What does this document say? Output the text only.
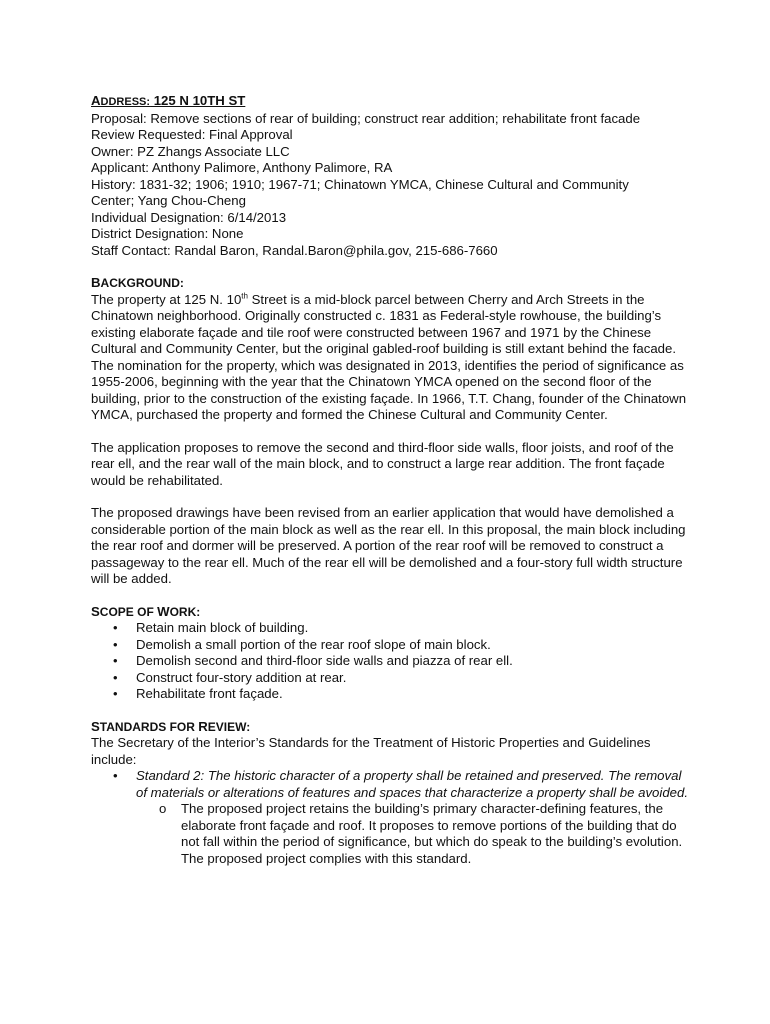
ADDRESS: 125 N 10TH ST

Proposal: Remove sections of rear of building; construct rear addition; rehabilitate front facade

Review Requested: Final Approval

Owner: PZ Zhangs Associate LLC

Applicant: Anthony Palimore, Anthony Palimore, RA

History: 1831-32; 1906; 1910; 1967-71; Chinatown YMCA, Chinese Cultural and Community

Center; Yang Chou-Cheng

Individual Designation: 6/14/2013

District Designation: None

Staff Contact: Randal Baron, Randal.Baron@phila.gov, 215-686-7660

BACKGROUND:

The property at 125 N. 10th Street is a mid-block parcel between Cherry and Arch Streets in the Chinatown neighborhood. Originally constructed c. 1831 as Federal-style rowhouse, the building’s existing elaborate façade and tile roof were constructed between 1967 and 1971 by the Chinese Cultural and Community Center, but the original gabled-roof building is still extant behind the facade. The nomination for the property, which was designated in 2013, identifies the period of significance as 1955-2006, beginning with the year that the Chinatown YMCA opened on the second floor of the building, prior to the construction of the existing façade. In 1966, T.T. Chang, founder of the Chinatown YMCA, purchased the property and formed the Chinese Cultural and Community Center.

The application proposes to remove the second and third-floor side walls, floor joists, and roof of the rear ell, and the rear wall of the main block, and to construct a large rear addition. The front façade would be rehabilitated.

The proposed drawings have been revised from an earlier application that would have demolished a considerable portion of the main block as well as the rear ell. In this proposal, the main block including the rear roof and dormer will be preserved. A portion of the rear roof will be removed to construct a passageway to the rear ell. Much of the rear ell will be demolished and a four-story full width structure will be added.

SCOPE OF WORK:

• Retain main block of building.
• Demolish a small portion of the rear roof slope of main block.
• Demolish second and third-floor side walls and piazza of rear ell.
• Construct four-story addition at rear.
• Rehabilitate front façade.

STANDARDS FOR REVIEW:

The Secretary of the Interior’s Standards for the Treatment of Historic Properties and Guidelines include:

• Standard 2: The historic character of a property shall be retained and preserved. The removal of materials or alterations of features and spaces that characterize a property shall be avoided.
o The proposed project retains the building’s primary character-defining features, the elaborate front façade and roof. It proposes to remove portions of the building that do not fall within the period of significance, but which do speak to the building’s evolution. The proposed project complies with this standard.
